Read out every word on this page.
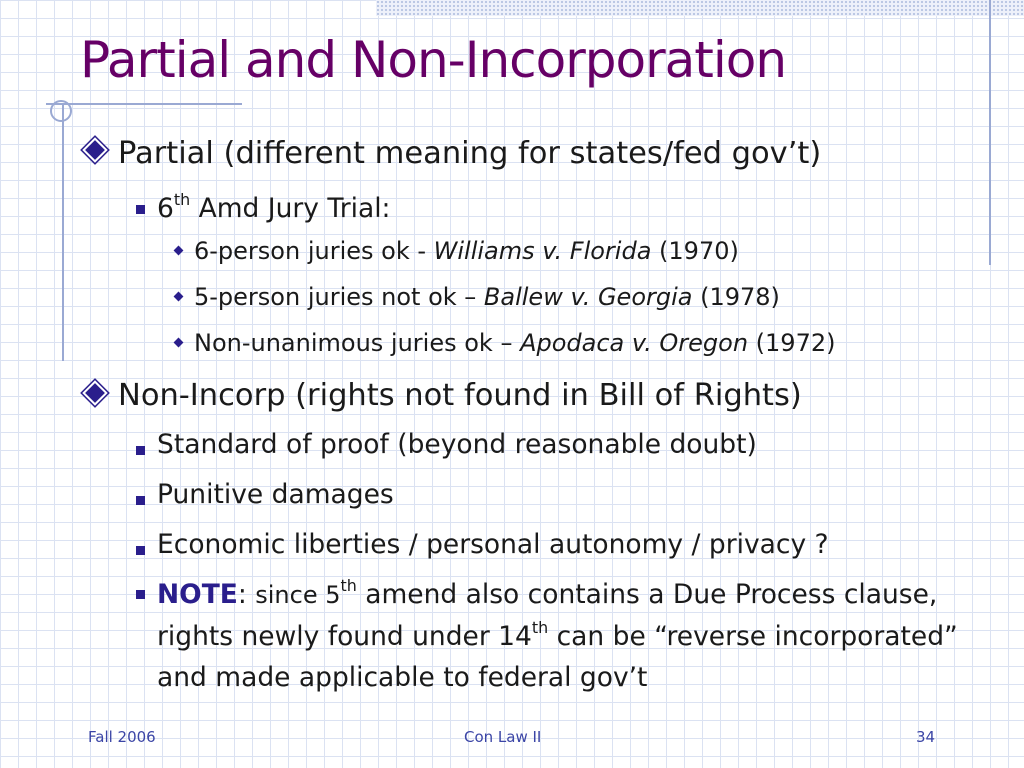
Partial and Non-Incorporation
Partial (different meaning for states/fed gov’t)
6th Amd Jury Trial:
6-person juries ok - Williams v. Florida (1970)
5-person juries not ok – Ballew v. Georgia (1978)
Non-unanimous juries ok – Apodaca v. Oregon (1972)
Non-Incorp (rights not found in Bill of Rights)
Standard of proof (beyond reasonable doubt)
Punitive damages
Economic liberties / personal autonomy / privacy ?
NOTE: since 5th amend also contains a Due Process clause, rights newly found under 14th can be “reverse incorporated” and made applicable to federal gov’t
Fall 2006	Con Law II	34
